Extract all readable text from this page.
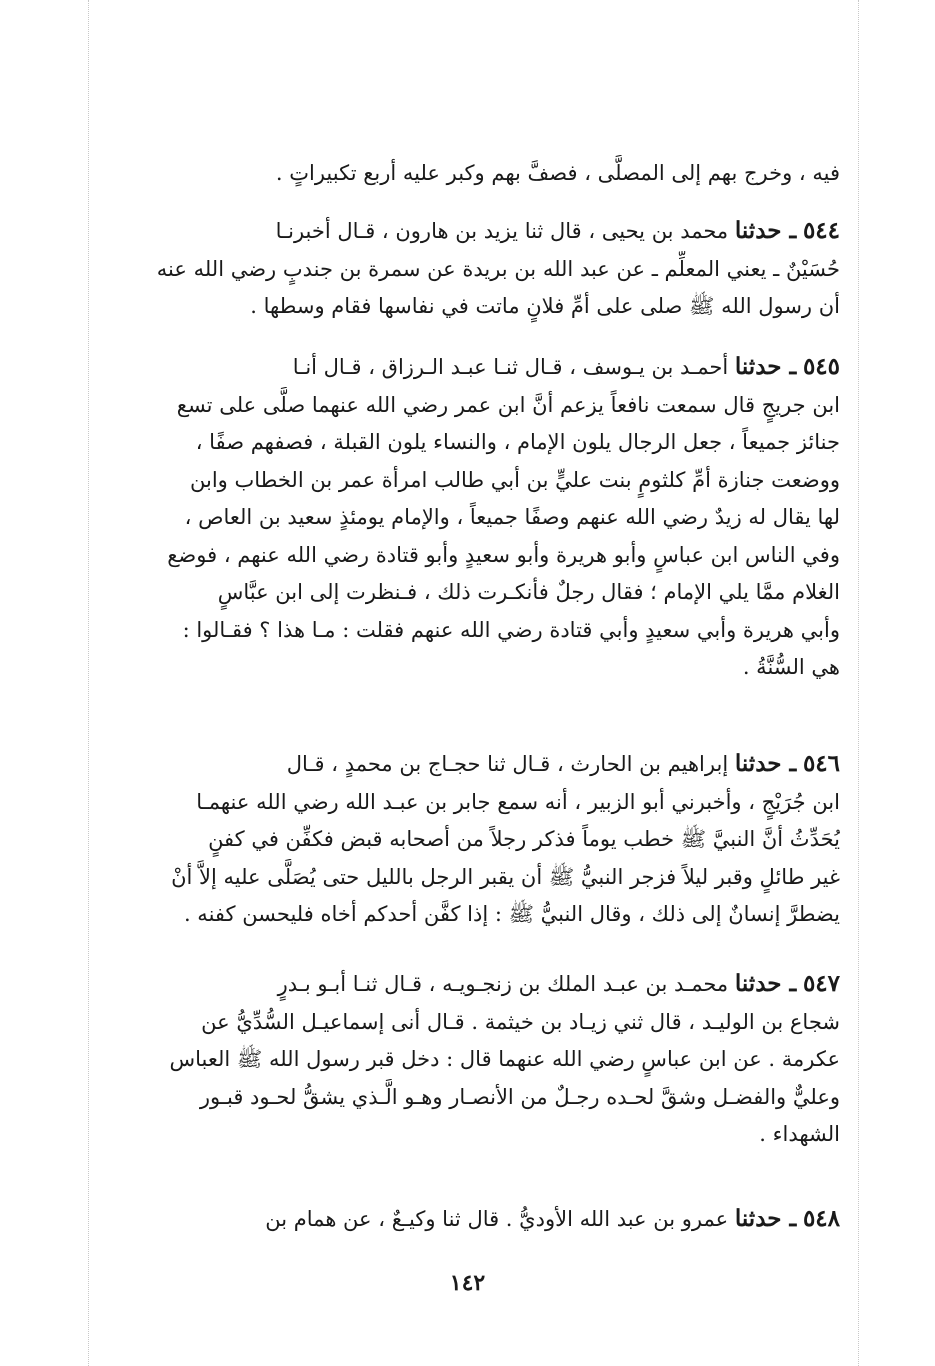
فيه ، وخرج بهم إلى المصلَّى ، فصفَّ بهم وكبر عليه أربع تكبيراتٍ .
٥٤٤ ـ حدثنا محمد بن يحيى ، قال ثنا يزيد بن هارون ، قـال أخبرنـا
حُسَيْنٌ ـ يعني المعلِّم ـ عن عبد الله بن بريدة عن سمرة بن جندبٍ رضي الله عنه
أن رسول الله ﷺ صلى على أمِّ فلانٍ ماتت في نفاسها فقام وسطها .
٥٤٥ ـ حدثنا أحمـد بن يـوسف ، قـال ثنـا عبـد الـرزاق ، قـال أنـا
ابن جريجٍ قال سمعت نافعاً يزعم أنَّ ابن عمر رضي الله عنهما صلَّى على تسع
جنائز جميعاً ، جعل الرجال يلون الإمام ، والنساء يلون القبلة ، فصفهم صفًا ،
ووضعت جنازة أمِّ كلثومٍ بنت عليٍّ بن أبي طالب امرأة عمر بن الخطاب وابن
لها يقال له زيدٌ رضي الله عنهم وصفًا جميعاً ، والإمام يومئذٍ سعيد بن العاص ،
وفي الناس ابن عباسٍ وأبو هريرة وأبو سعيدٍ وأبو قتادة رضي الله عنهم ، فوضع
الغلام ممَّا يلي الإمام ؛ فقال رجلٌ فأنكـرت ذلك ، فـنظرت إلى ابن عبَّاسٍ
وأبي هريرة وأبي سعيدٍ وأبي قتادة رضي الله عنهم فقلت : مـا هذا ؟ فقـالوا :
هي السُّنَّةُ .
٥٤٦ ـ حدثنا إبراهيم بن الحارث ، قـال ثنا حجـاج بن محمدٍ ، قـال
ابن جُرَيْجٍ ، وأخبرني أبو الزبير ، أنه سمع جابر بن عبـد الله رضي الله عنهمـا
يُحَدِّثُ أنَّ النبيَّ ﷺ خطب يوماً فذكر رجلاً من أصحابه قبض فكفِّن في كفنٍ
غير طائلٍ وقبر ليلاً فزجر النبيُّ ﷺ أن يقبر الرجل بالليل حتى يُصَلَّى عليه إلاَّ أنْ
يضطرَّ إنسانٌ إلى ذلك ، وقال النبيُّ ﷺ : إذا كفَّن أحدكم أخاه فليحسن كفنه .
٥٤٧ ـ حدثنا محمـد بن عبـد الملك بن زنجـويـه ، قـال ثنـا أبـو بـدرٍ
شجاع بن الوليـد ، قال ثني زيـاد بن خيثمة . قـال أنى إسماعيـل السُّدِّيُّ عن
عكرمة . عن ابن عباسٍ رضي الله عنهما قال : دخل قبر رسول الله ﷺ العباس
وعليٌّ والفضـل وشقَّ لحـده رجـلٌ من الأنصـار وهـو الَّـذي يشقُّ لحـود قبـور
الشهداء .
٥٤٨ ـ حدثنا عمرو بن عبد الله الأوديُّ . قال ثنا وكيـعٌ ، عن همام بن
١٤٢
